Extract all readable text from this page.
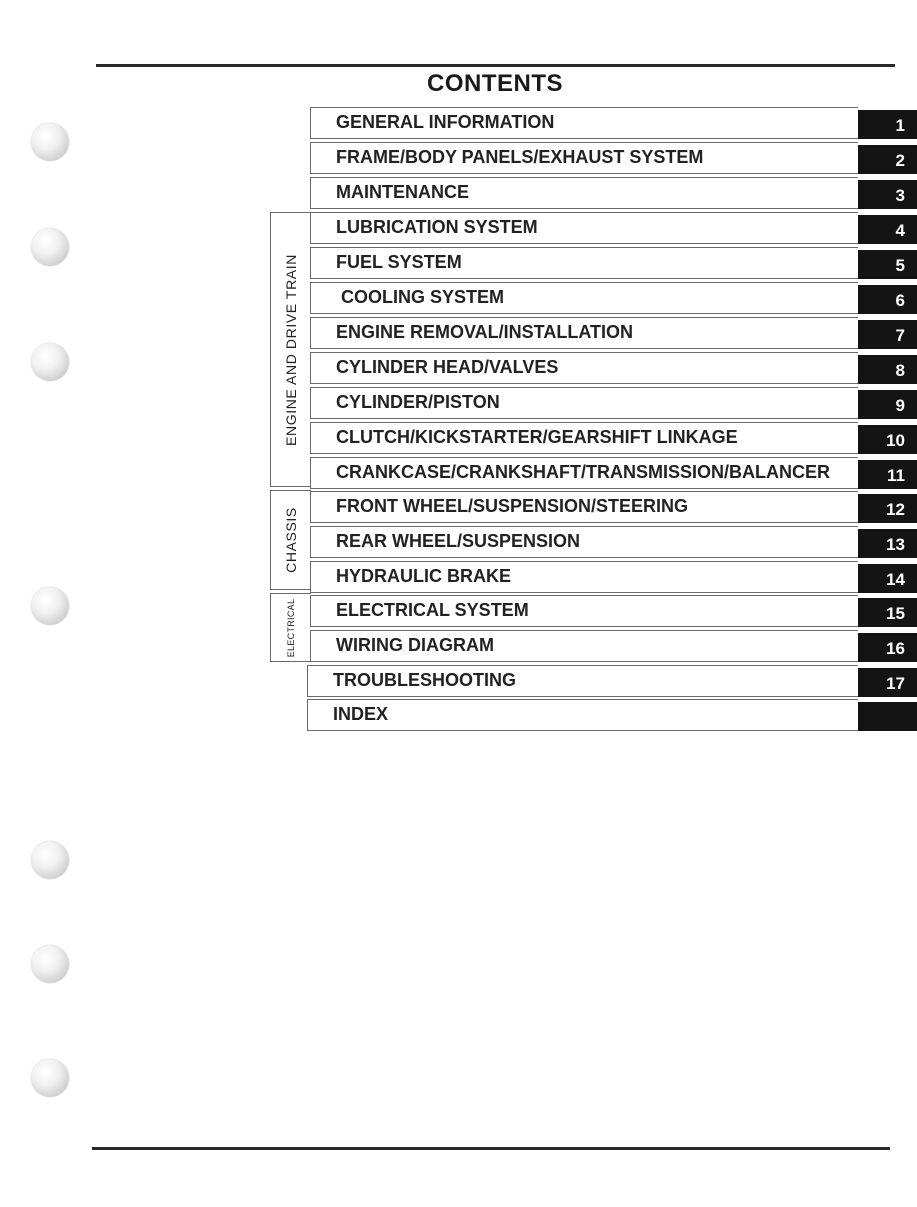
CONTENTS
ENGINE AND DRIVE TRAIN
CHASSIS
ELECTRICAL
GENERAL INFORMATION	1
FRAME/BODY PANELS/EXHAUST SYSTEM	2
MAINTENANCE	3
LUBRICATION SYSTEM	4
FUEL SYSTEM	5
COOLING SYSTEM	6
ENGINE REMOVAL/INSTALLATION	7
CYLINDER HEAD/VALVES	8
CYLINDER/PISTON	9
CLUTCH/KICKSTARTER/GEARSHIFT LINKAGE	10
CRANKCASE/CRANKSHAFT/TRANSMISSION/BALANCER	11
FRONT WHEEL/SUSPENSION/STEERING	12
REAR WHEEL/SUSPENSION	13
HYDRAULIC BRAKE	14
ELECTRICAL SYSTEM	15
WIRING DIAGRAM	16
TROUBLESHOOTING	17
INDEX
